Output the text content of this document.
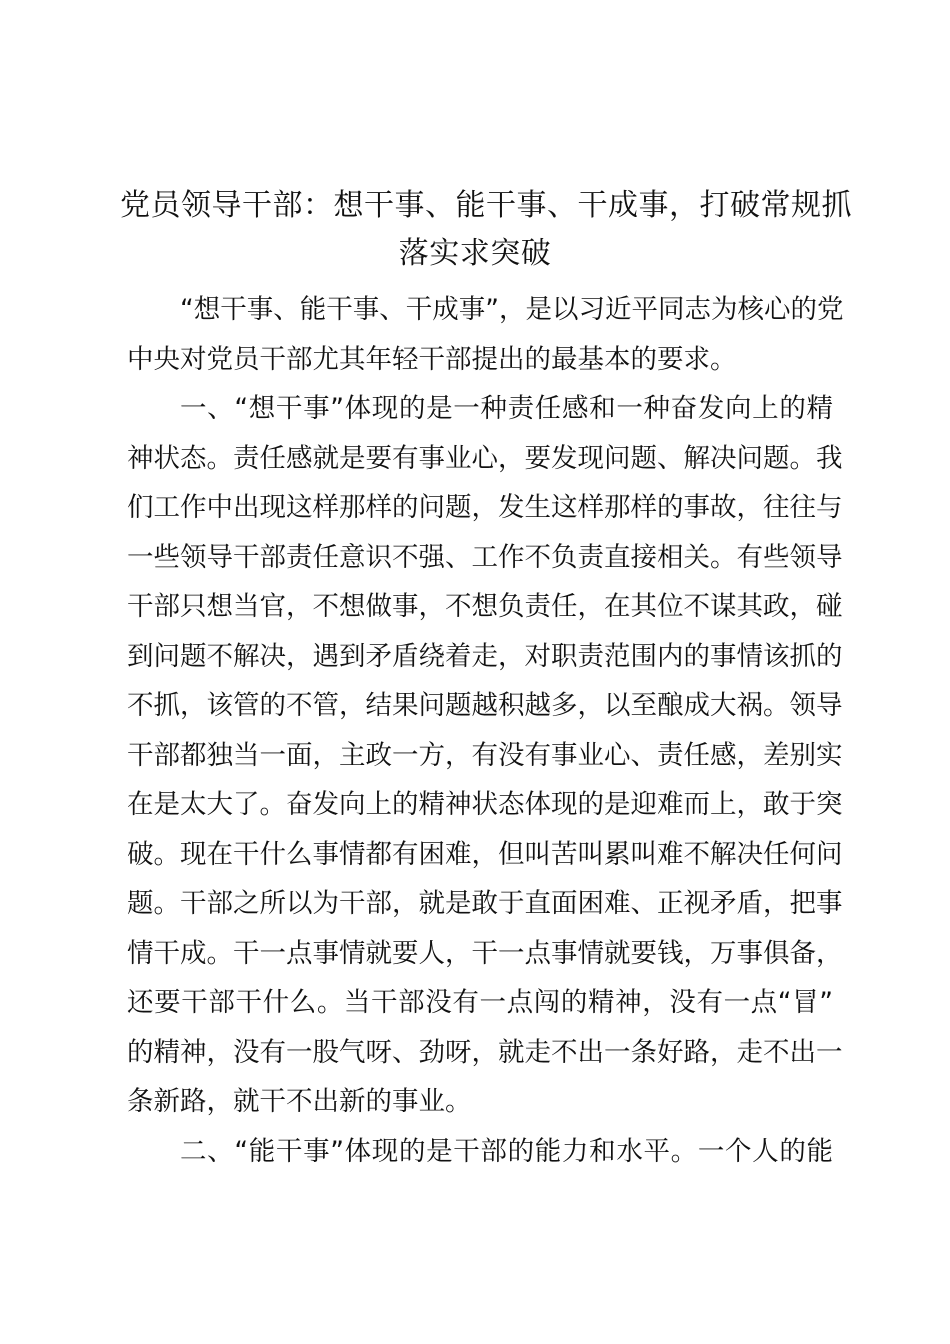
党员领导干部：想干事、能干事、干成事，打破常规抓
落实求突破
“想干事、能干事、干成事”，是以习近平同志为核心的党
中央对党员干部尤其年轻干部提出的最基本的要求。
一、“想干事”体现的是一种责任感和一种奋发向上的精
神状态。责任感就是要有事业心，要发现问题、解决问题。我
们工作中出现这样那样的问题，发生这样那样的事故，往往与
一些领导干部责任意识不强、工作不负责直接相关。有些领导
干部只想当官，不想做事，不想负责任，在其位不谋其政，碰
到问题不解决，遇到矛盾绕着走，对职责范围内的事情该抓的
不抓，该管的不管，结果问题越积越多，以至酿成大祸。领导
干部都独当一面，主政一方，有没有事业心、责任感，差别实
在是太大了。奋发向上的精神状态体现的是迎难而上，敢于突
破。现在干什么事情都有困难，但叫苦叫累叫难不解决任何问
题。干部之所以为干部，就是敢于直面困难、正视矛盾，把事
情干成。干一点事情就要人，干一点事情就要钱，万事俱备，
还要干部干什么。当干部没有一点闯的精神，没有一点“冒”
的精神，没有一股气呀、劲呀，就走不出一条好路，走不出一
条新路，就干不出新的事业。
二、“能干事”体现的是干部的能力和水平。一个人的能
